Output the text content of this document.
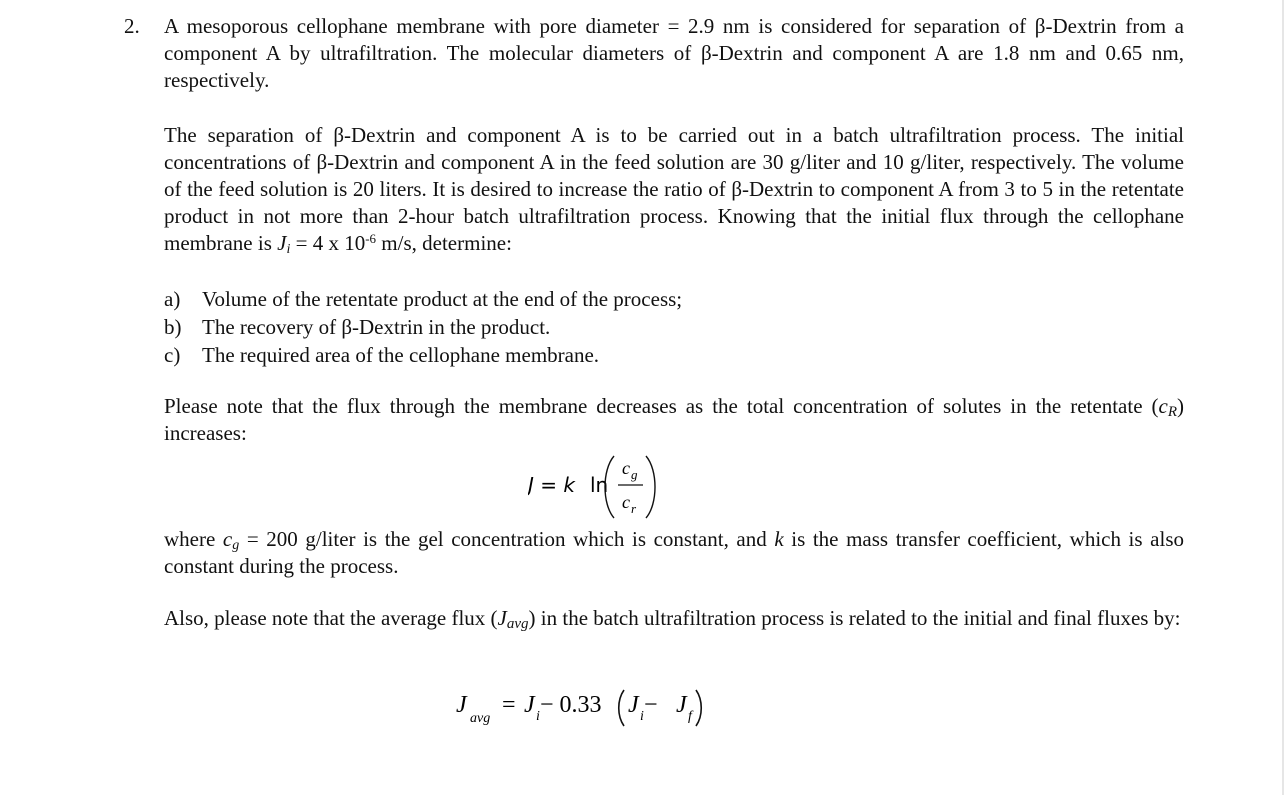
2. A mesoporous cellophane membrane with pore diameter = 2.9 nm is considered for separation of β-Dextrin from a component A by ultrafiltration. The molecular diameters of β-Dextrin and component A are 1.8 nm and 0.65 nm, respectively.
The separation of β-Dextrin and component A is to be carried out in a batch ultrafiltration process. The initial concentrations of β-Dextrin and component A in the feed solution are 30 g/liter and 10 g/liter, respectively. The volume of the feed solution is 20 liters. It is desired to increase the ratio of β-Dextrin to component A from 3 to 5 in the retentate product in not more than 2-hour batch ultrafiltration process. Knowing that the initial flux through the cellophane membrane is $J_i = 4$ x $10^{-6}$ m/s, determine:
a)	Volume of the retentate product at the end of the process;
b) The recovery of β-Dextrin in the product.
c)	The required area of the cellophane membrane.
Please note that the flux through the membrane decreases as the total concentration of solutes in the retentate $(c_R)$ increases:
J = k ln
c g
c r
where $c_g = 200$ g/liter is the gel concentration which is constant, and k is the mass transfer coefficient, which is also constant during the process.
Also, please note that the average flux $(J_{avg})$ in the batch ultrafiltration process is related to the initial and final fluxes by:
J
avg
= J i − 0.33 J i − J f
